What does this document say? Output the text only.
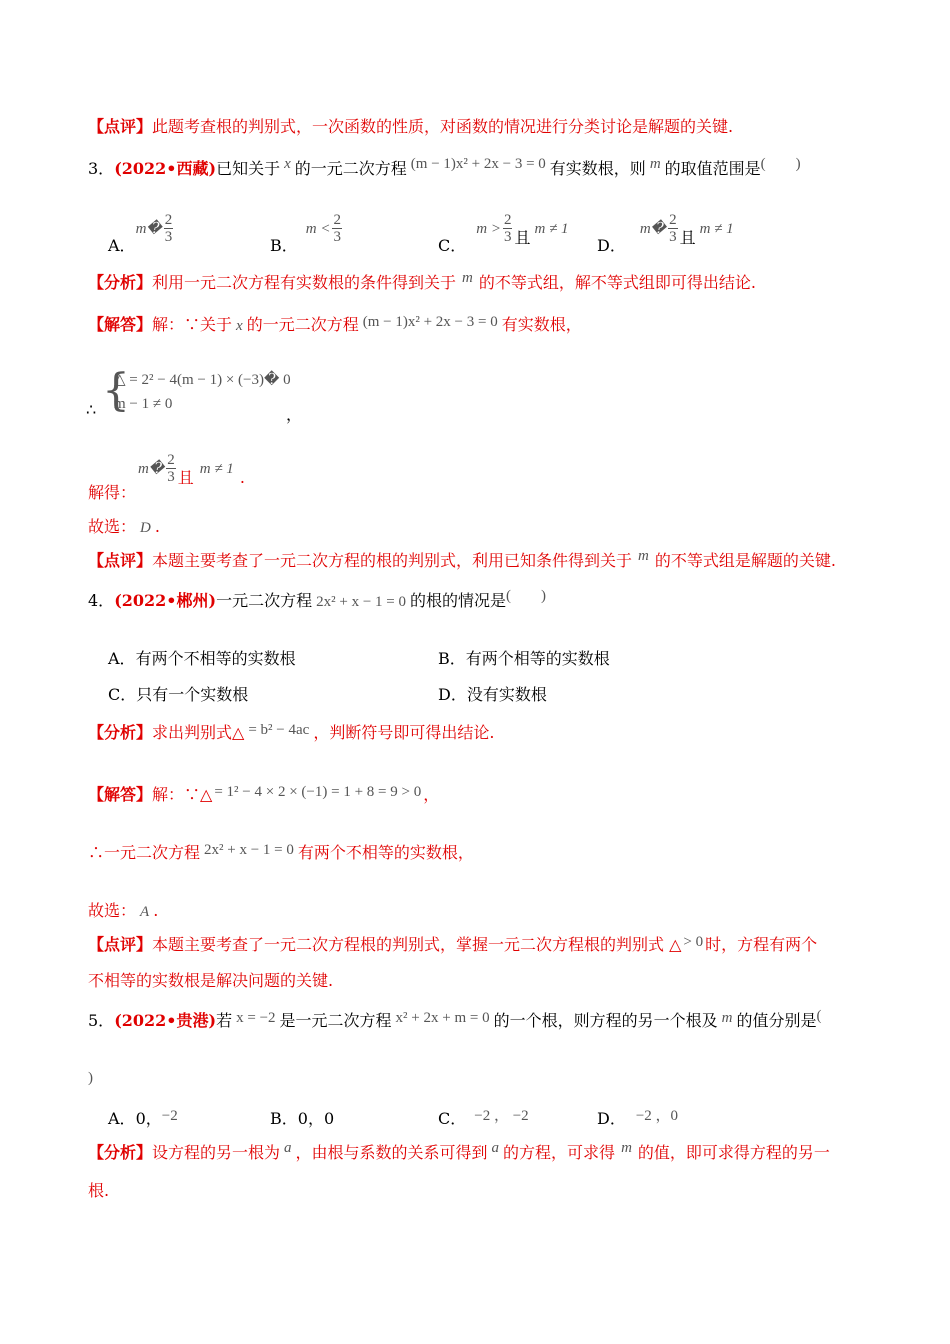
【点评】此题考查根的判别式，一次函数的性质，对函数的情况进行分类讨论是解题的关键.
3．(2022•西藏)已知关于 x 的一元二次方程 (m − 1)x² + 2x − 3 = 0 有实数根，则 m 的取值范围是(　　)
A．m� $\frac{2}{3}$
B．$m < \frac{2}{3}$
C．$m > \frac{2}{3}$ 且 m ≠ 1
D．m� $\frac{2}{3}$ 且 m ≠ 1
【分析】利用一元二次方程有实数根的条件得到关于 m 的不等式组，解不等式组即可得出结论.
【解答】解：∵关于 x 的一元二次方程 (m − 1)x² + 2x − 3 = 0 有实数根，
∴ {
△ = 2² − 4(m − 1) × (−3)� 0
m − 1 ≠ 0
，
解得：
m� $\frac{2}{3}$ 且 m ≠ 1 .
故选： D .
【点评】本题主要考查了一元二次方程的根的判别式，利用已知条件得到关于 m 的不等式组是解题的关键.
4．(2022•郴州)一元二次方程 2x² + x − 1 = 0 的根的情况是(　　)
A．有两个不相等的实数根	B．有两个相等的实数根
C．只有一个实数根	D．没有实数根
【分析】求出判别式△ = b² − 4ac ，判断符号即可得出结论.
【解答】解：∵△ = 1² − 4 × 2 × (−1) = 1 + 8 = 9 > 0 ，
∴一元二次方程 2x² + x − 1 = 0 有两个不相等的实数根，
故选： A .
【点评】本题主要考查了一元二次方程根的判别式，掌握一元二次方程根的判别式 △ > 0 时，方程有两个
不相等的实数根是解决问题的关键.
5．(2022•贵港)若 x = −2 是一元二次方程 x² + 2x + m = 0 的一个根，则方程的另一个根及 m 的值分别是(
)
A．0，−2	B．0，0	C． −2 ， −2	D． −2 ，0
【分析】设方程的另一根为 a ，由根与系数的关系可得到 a 的方程，可求得 m 的值，即可求得方程的另一
根.
